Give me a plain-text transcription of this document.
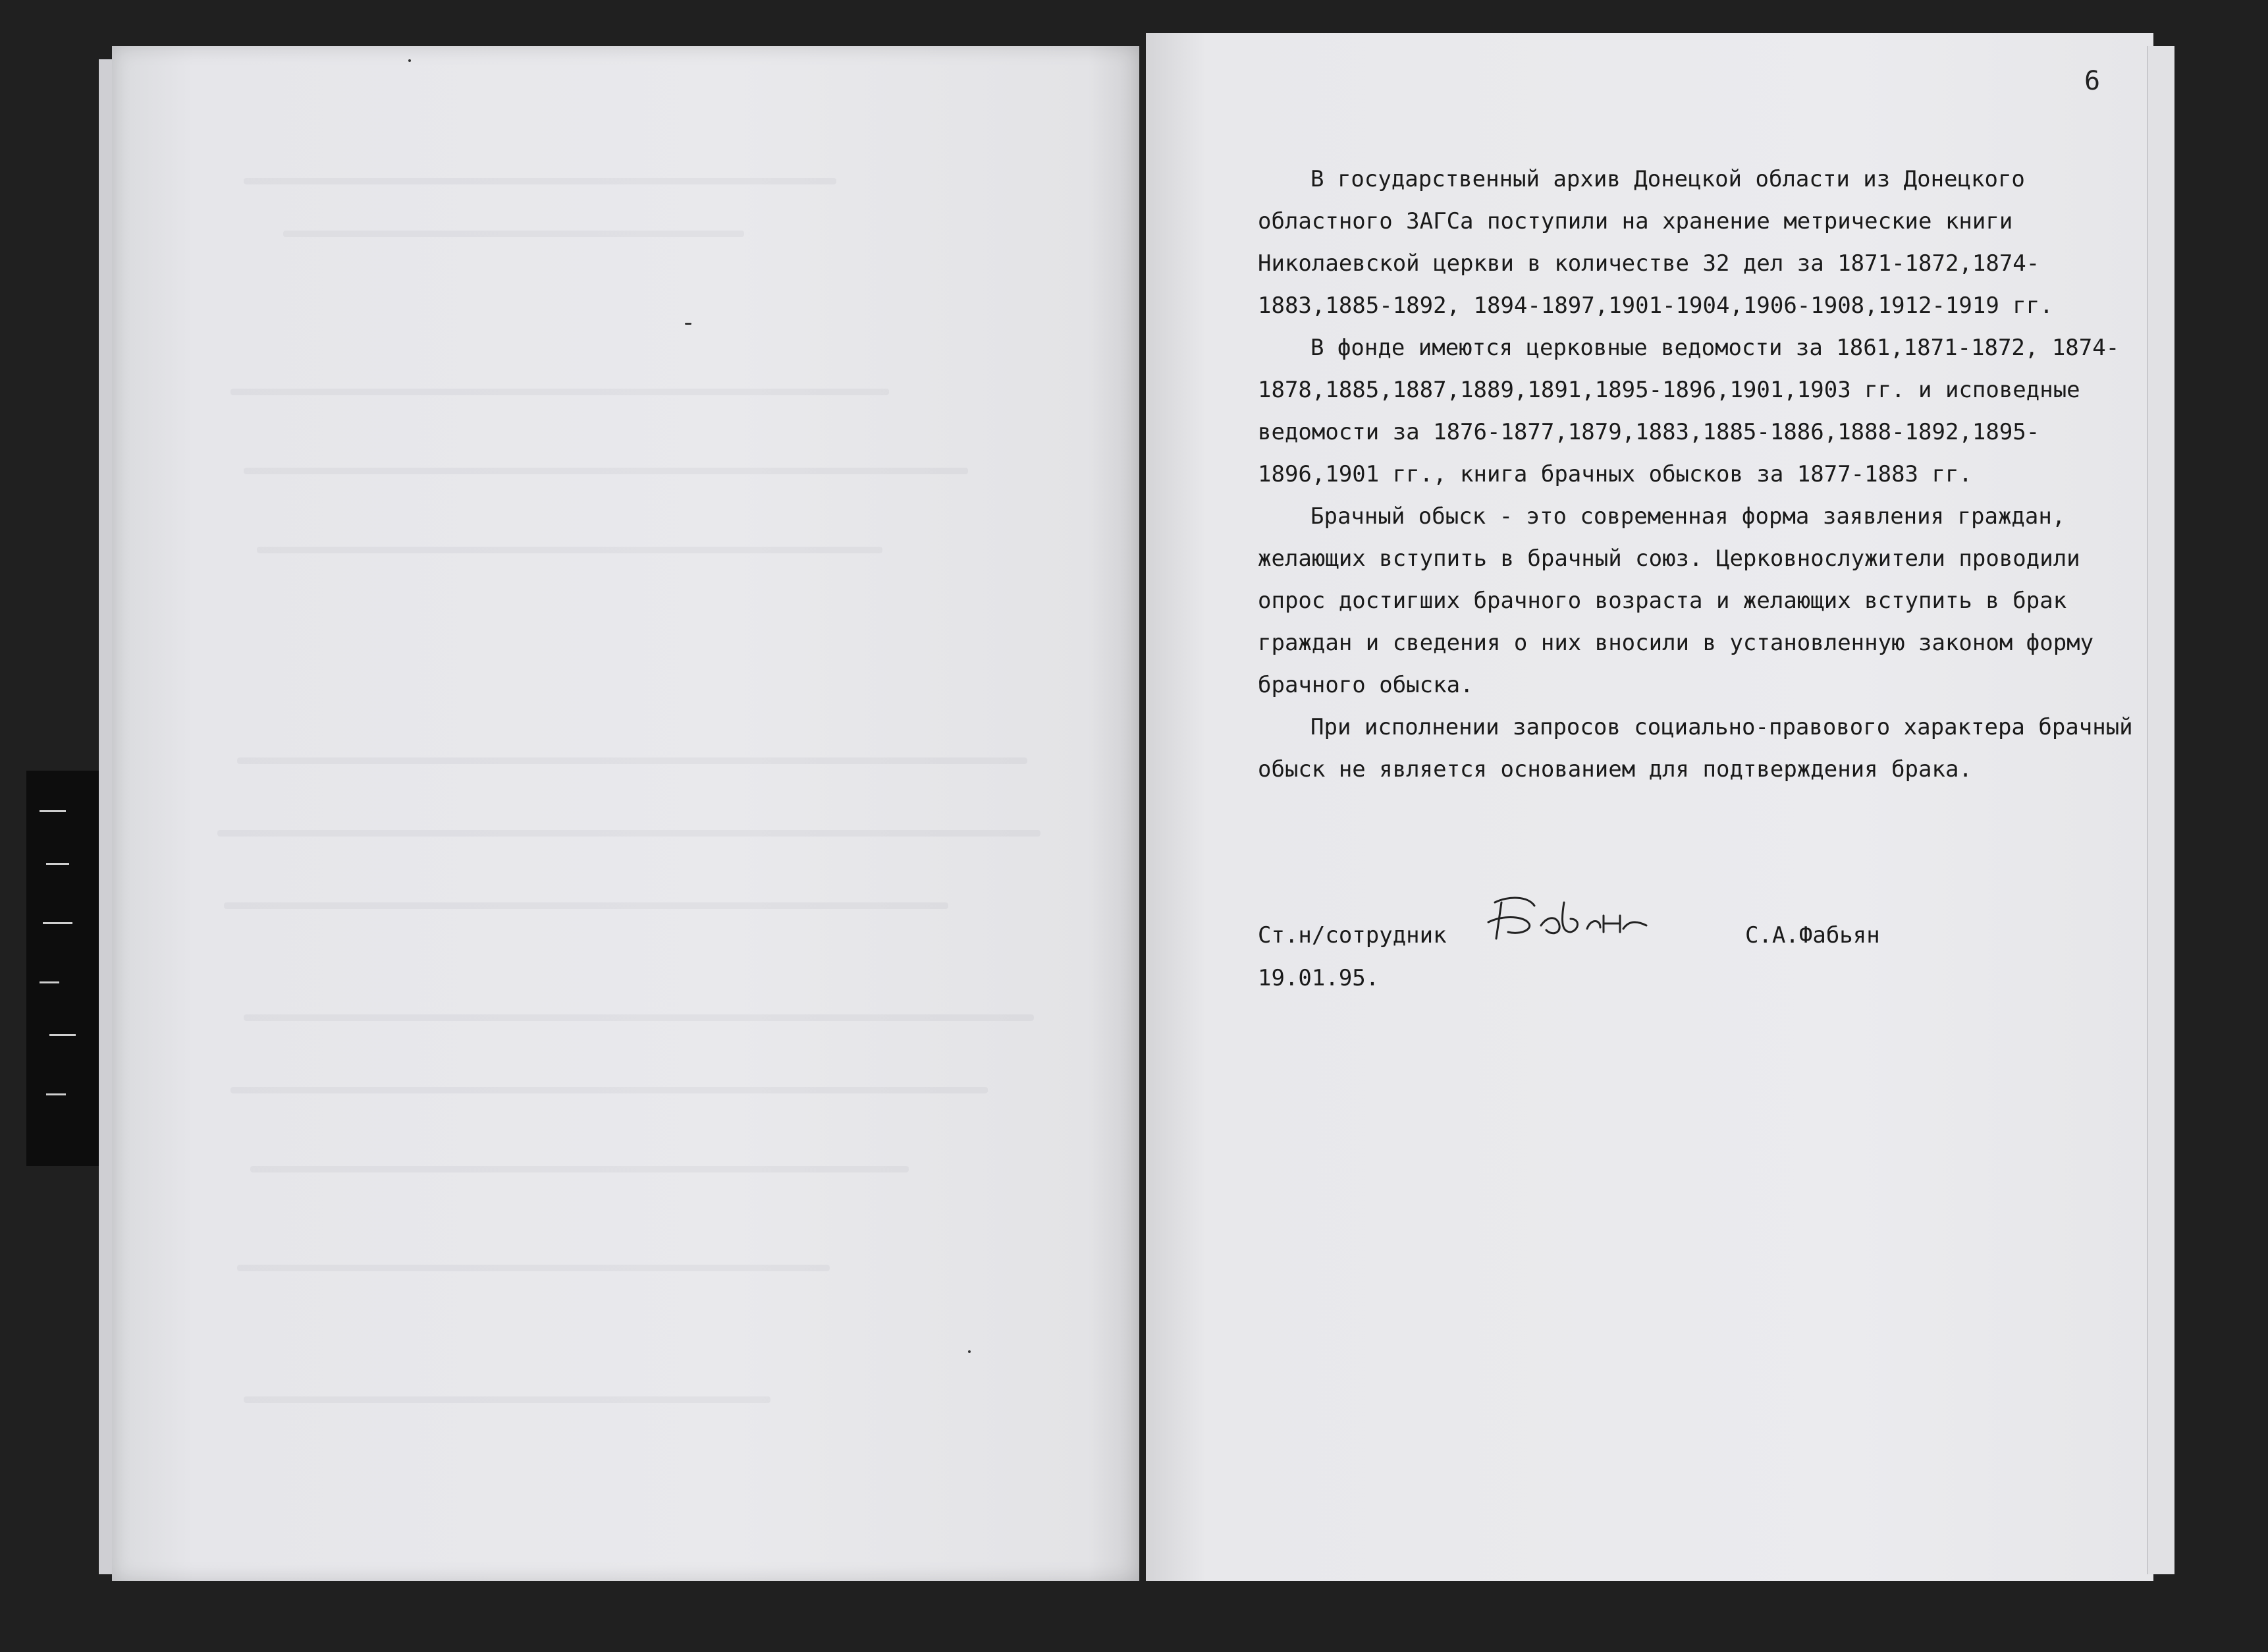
6

В государственный архив Донецкой области из Донецкого областного ЗАГСа поступили на хранение метрические книги Николаевской церкви в количестве 32 дел за 1871-1872,1874-1883,1885-1892, 1894-1897,1901-1904,1906-1908,1912-1919 гг.

В фонде имеются церковные ведомости за 1861,1871-1872, 1874-1878,1885,1887,1889,1891,1895-1896,1901,1903 гг. и исповедные ведомости за 1876-1877,1879,1883,1885-1886,1888-1892,1895-1896,1901 гг., книга брачных обысков за 1877-1883 гг.

Брачный обыск - это современная форма заявления граждан, желающих вступить в брачный союз. Церковнослужители проводили опрос достигших брачного возраста и желающих вступить в брак граждан и сведения о них вносили в установленную законом форму брачного обыска.

При исполнении запросов социально-правового характера брачный обыск не является основанием для подтверждения брака.

Ст.н/сотрудник	С.А.Фабьян
19.01.95.
